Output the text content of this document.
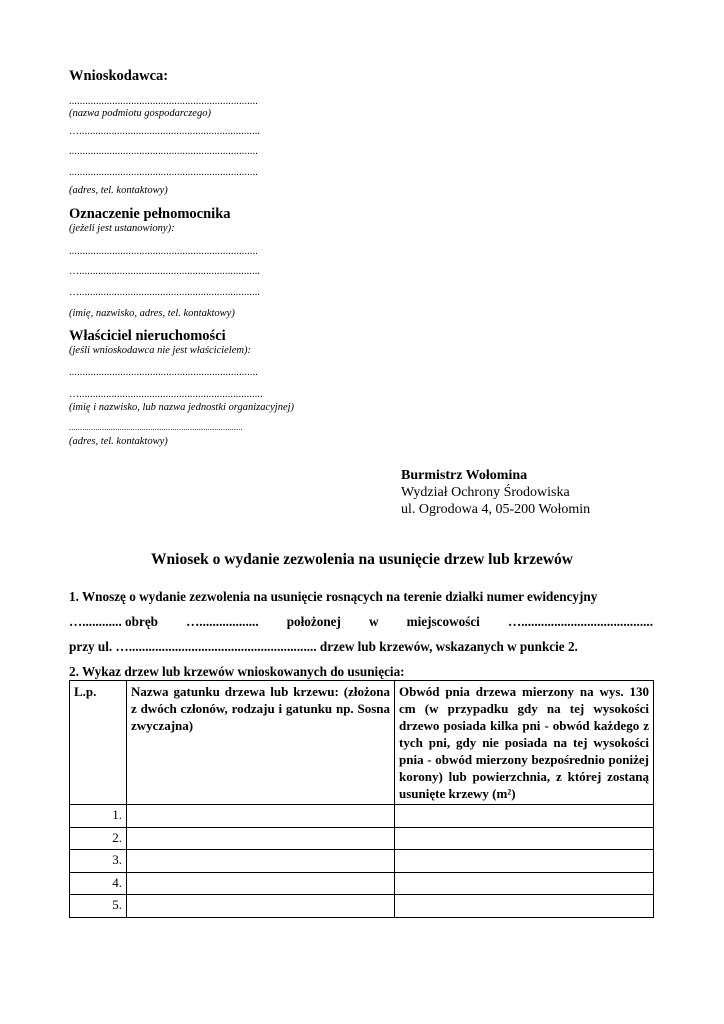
Wnioskodawca:
......................................................................
(nazwa podmiotu gospodarczego)
…...................................................................
......................................................................
......................................................................
(adres, tel. kontaktowy)
Oznaczenie pełnomocnika
(jeżeli jest ustanowiony):
......................................................................
…...................................................................
…...................................................................
(imię, nazwisko, adres, tel. kontaktowy)
Właściciel nieruchomości
(jeśli wnioskodawca nie jest właścicielem):
......................................................................
…....................................................................
(imię i nazwisko, lub nazwa jednostki organizacyjnej)
...............................................................................
(adres, tel. kontaktowy)
Burmistrz Wołomina
Wydział Ochrony Środowiska
ul. Ogrodowa 4, 05-200 Wołomin
Wniosek o wydanie zezwolenia na usunięcie drzew lub krzewów
1. Wnoszę o wydanie zezwolenia na usunięcie rosnących na terenie działki numer ewidencyjny
…............ obręb ….................. położonej w miejscowości …........................................
przy ul. …......................................................... drzew lub krzewów, wskazanych w punkcie 2.
2. Wykaz drzew lub krzewów wnioskowanych do usunięcia:
L.p.	Nazwa gatunku drzewa lub krzewu: (złożona z dwóch członów, rodzaju i gatunku np. Sosna zwyczajna)	Obwód pnia drzewa mierzony na wys. 130 cm (w przypadku gdy na tej wysokości drzewo posiada kilka pni - obwód każdego z tych pni, gdy nie posiada na tej wysokości pnia - obwód mierzony bezpośrednio poniżej korony) lub powierzchnia, z której zostaną usunięte krzewy (m²)
1.		
2.		
3.		
4.		
5.		
